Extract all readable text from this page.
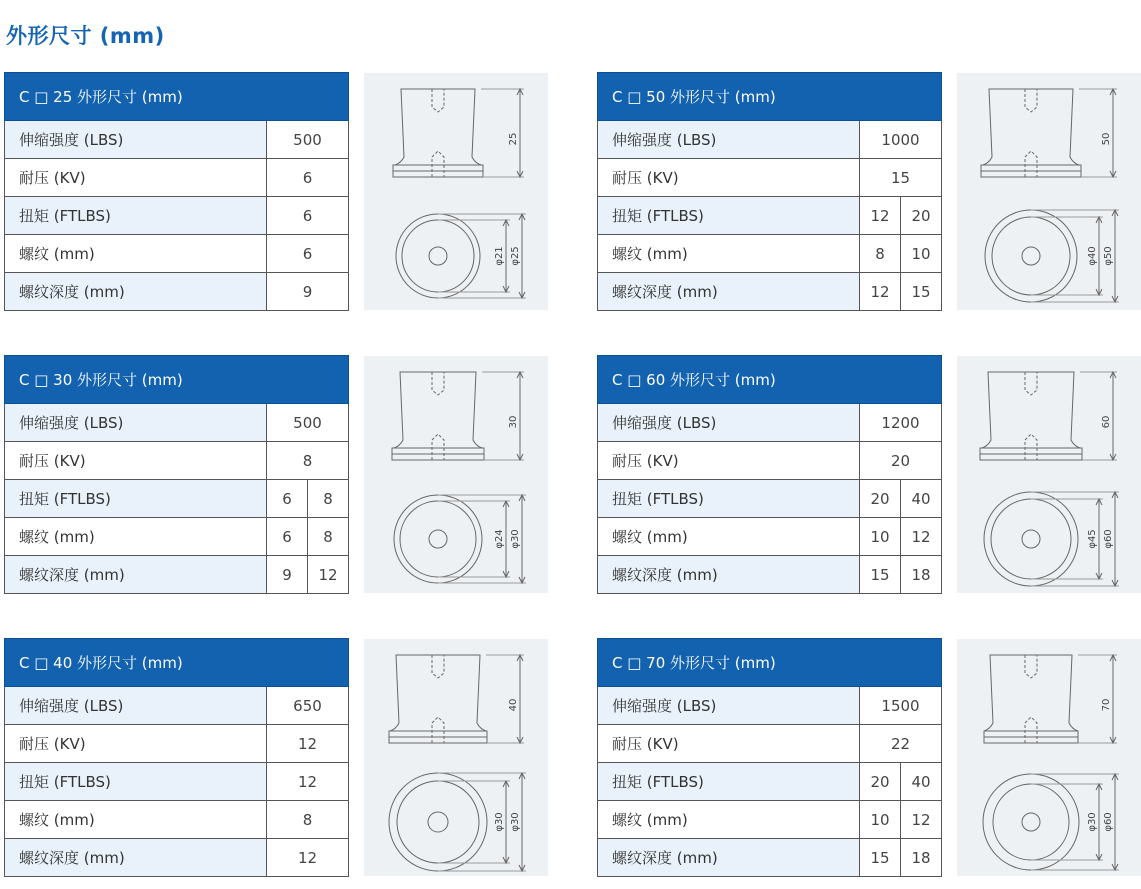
外形尺寸 (mm)
C □ 25 外形尺寸 (mm)	
伸缩强度 (LBS)	500
耐压 (KV)	6
扭矩 (FTLBS)	6
螺纹 (mm)	6
螺纹深度 (mm)	9
25
φ21 φ25
C □ 50 外形尺寸 (mm)		
伸缩强度 (LBS)	1000	
耐压 (KV)	15	
扭矩 (FTLBS)	12	20
螺纹 (mm)	8	10
螺纹深度 (mm)	12	15
50
φ40 φ50
C □ 30 外形尺寸 (mm)		
伸缩强度 (LBS)	500	
耐压 (KV)	8	
扭矩 (FTLBS)	6	8
螺纹 (mm)	6	8
螺纹深度 (mm)	9	12
30
φ24 φ30
C □ 60 外形尺寸 (mm)		
伸缩强度 (LBS)	1200	
耐压 (KV)	20	
扭矩 (FTLBS)	20	40
螺纹 (mm)	10	12
螺纹深度 (mm)	15	18
60
φ45 φ60
C □ 40 外形尺寸 (mm)	
伸缩强度 (LBS)	650
耐压 (KV)	12
扭矩 (FTLBS)	12
螺纹 (mm)	8
螺纹深度 (mm)	12
40
φ30 φ30
C □ 70 外形尺寸 (mm)		
伸缩强度 (LBS)	1500	
耐压 (KV)	22	
扭矩 (FTLBS)	20	40
螺纹 (mm)	10	12
螺纹深度 (mm)	15	18
70
φ30 φ60
